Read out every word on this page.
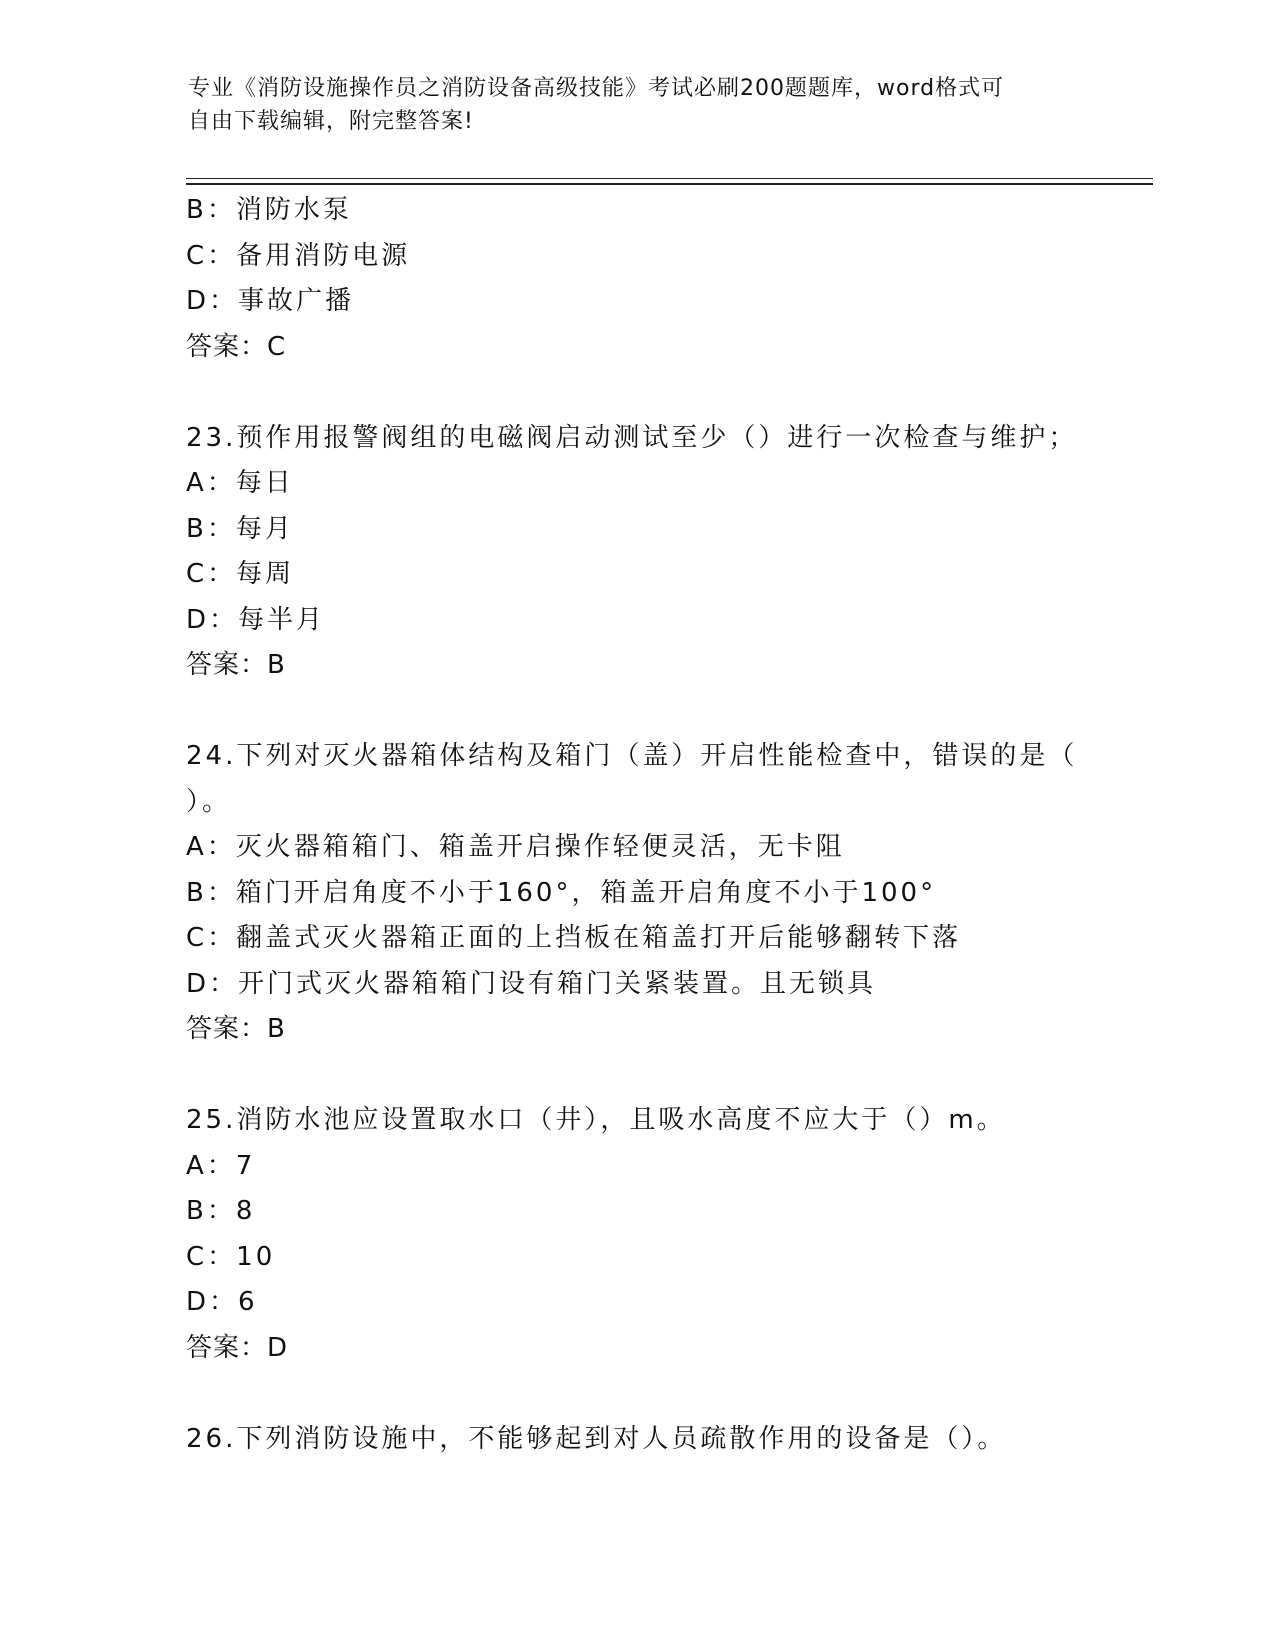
专业《消防设施操作员之消防设备高级技能》考试必刷200题题库，word格式可
自由下载编辑，附完整答案!
B：消防水泵
C：备用消防电源
D：事故广播
答案：C
23.预作用报警阀组的电磁阀启动测试至少（）进行一次检查与维护；
A：每日
B：每月
C：每周
D：每半月
答案：B
24.下列对灭火器箱体结构及箱门（盖）开启性能检查中，错误的是（
）。
A：灭火器箱箱门、箱盖开启操作轻便灵活，无卡阻
B：箱门开启角度不小于160°，箱盖开启角度不小于100°
C：翻盖式灭火器箱正面的上挡板在箱盖打开后能够翻转下落
D：开门式灭火器箱箱门设有箱门关紧装置。且无锁具
答案：B
25.消防水池应设置取水口（井），且吸水高度不应大于（）m。
A：7
B：8
C：10
D：6
答案：D
26.下列消防设施中，不能够起到对人员疏散作用的设备是（）。
